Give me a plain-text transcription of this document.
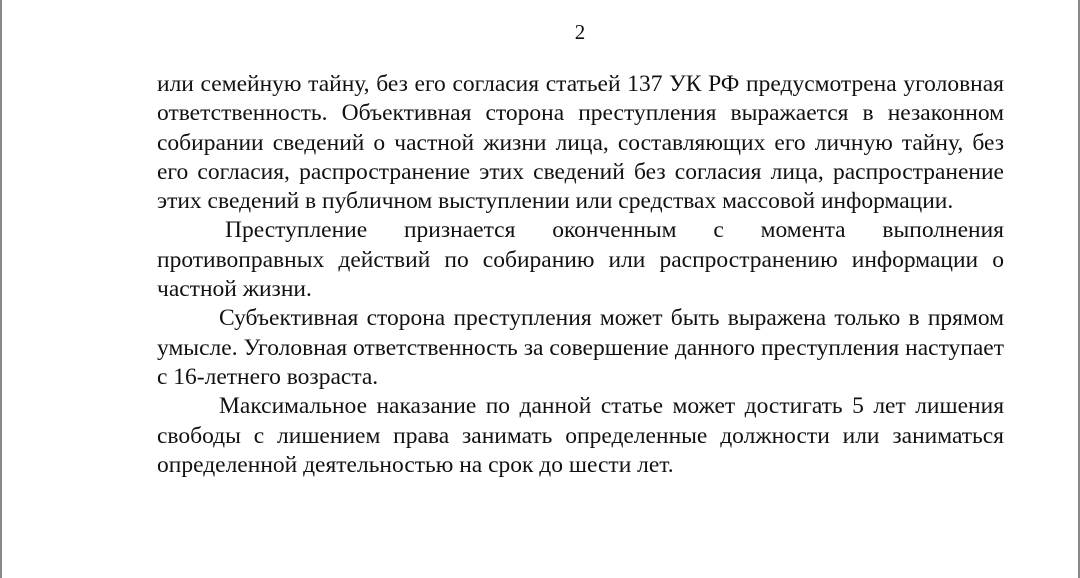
2

или семейную тайну, без его согласия статьей 137 УК РФ предусмотрена уголовная ответственность. Объективная сторона преступления выражается в незаконном собирании сведений о частной жизни лица, составляющих его личную тайну, без его согласия, распространение этих сведений без согласия лица, распространение этих сведений в публичном выступлении или средствах массовой информации.

Преступление признается оконченным с момента выполнения противоправных действий по собиранию или распространению информации о частной жизни.

Субъективная сторона преступления может быть выражена только в прямом умысле. Уголовная ответственность за совершение данного преступления наступает с 16-летнего возраста.

Максимальное наказание по данной статье может достигать 5 лет лишения свободы с лишением права занимать определенные должности или заниматься определенной деятельностью на срок до шести лет.
